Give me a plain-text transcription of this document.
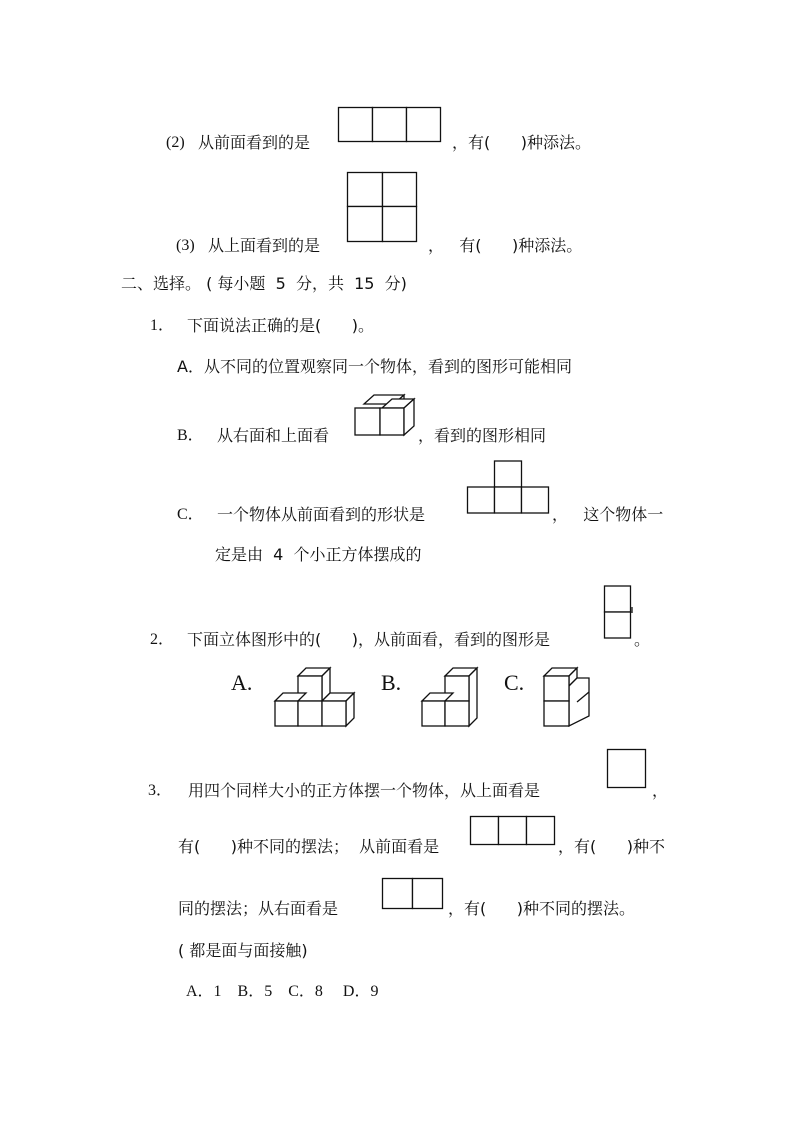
(2) 从前面看到的是	，有(      )种添法。
(3) 从上面看到的是	，   有(      )种添法。
二、选择。 ( 每小题  5  分，共  15  分)
1． 下面说法正确的是(      )。
A．从不同的位置观察同一个物体，看到的图形可能相同
B． 从右面和上面看	，看到的图形相同
C． 一个物体从前面看到的形状是	，   这个物体一
定是由  4  个小正方体摆成的
2． 下面立体图形中的(      )，从前面看，看到的图形是	。
A.	B.	C.
3． 用四个同样大小的正方体摆一个物体，从上面看是	，
有(      )种不同的摆法；  从前面看是	，有(      )种不
同的摆法；从右面看是	，有(      )种不同的摆法。
( 都是面与面接触)
A．1    B．5    C．8     D．9
